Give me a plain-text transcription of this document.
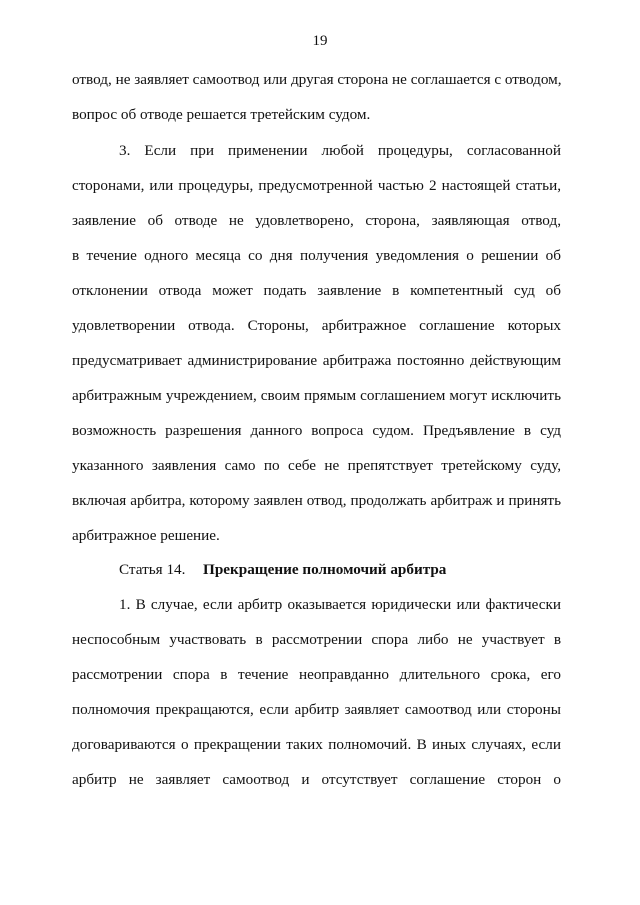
19
отвод, не заявляет самоотвод или другая сторона не соглашается с отводом,
вопрос об отводе решается третейским судом.
3. Если при применении любой процедуры, согласованной
сторонами, или процедуры, предусмотренной частью 2 настоящей статьи,
заявление об отводе не удовлетворено, сторона, заявляющая отвод,
в течение одного месяца со дня получения уведомления о решении об
отклонении отвода может подать заявление в компетентный суд об
удовлетворении отвода. Стороны, арбитражное соглашение которых
предусматривает администрирование арбитража постоянно действующим
арбитражным учреждением, своим прямым соглашением могут исключить
возможность разрешения данного вопроса судом. Предъявление в суд
указанного заявления само по себе не препятствует третейскому суду,
включая арбитра, которому заявлен отвод, продолжать арбитраж и принять
арбитражное решение.
Статья 14. Прекращение полномочий арбитра
1. В случае, если арбитр оказывается юридически или фактически
неспособным участвовать в рассмотрении спора либо не участвует в
рассмотрении спора в течение неоправданно длительного срока, его
полномочия прекращаются, если арбитр заявляет самоотвод или стороны
договариваются о прекращении таких полномочий. В иных случаях, если
арбитр не заявляет самоотвод и отсутствует соглашение сторон о
